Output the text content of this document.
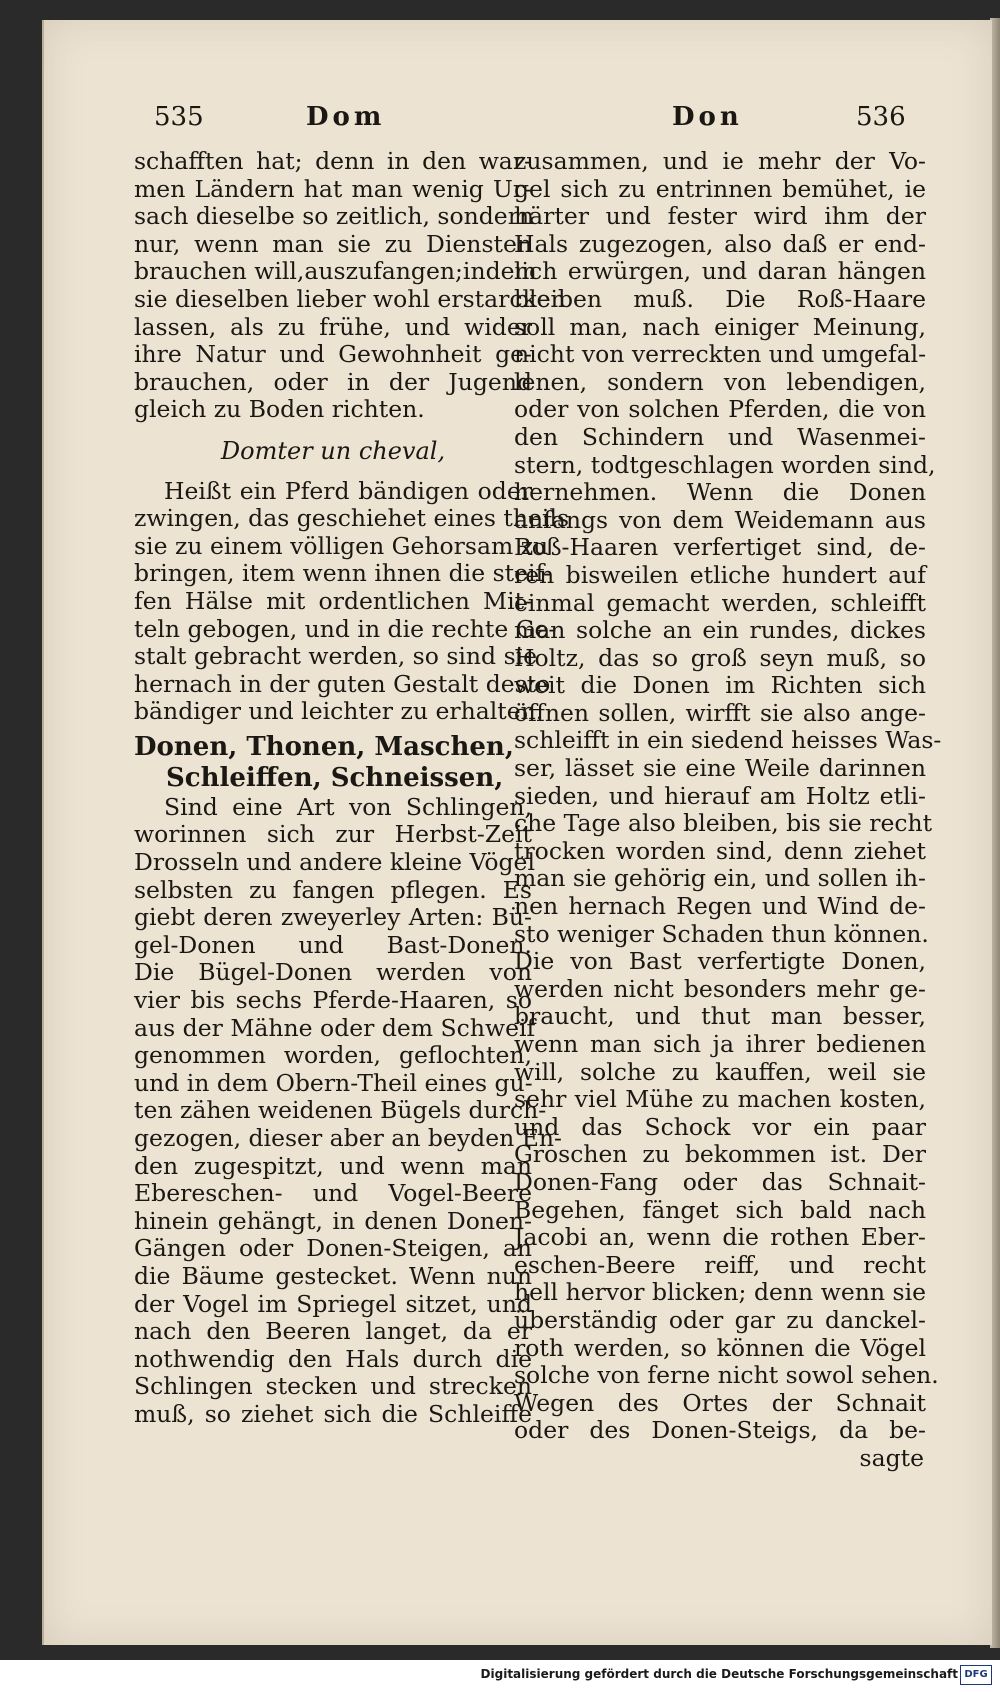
535	Dom	Don	536
schafften hat; denn in den war-
men Ländern hat man wenig Ur-
sach dieselbe so zeitlich, sondern
nur, wenn man sie zu Diensten
brauchen will,auszufangen;indem
sie dieselben lieber wohl erstarcken
lassen, als zu frühe, und wider
ihre Natur und Gewohnheit ge-
brauchen, oder in der Jugend
gleich zu Boden richten.
Domter un cheval,
Heißt ein Pferd bändigen oder
zwingen, das geschiehet eines theils
sie zu einem völligen Gehorsam zu
bringen, item wenn ihnen die steif-
fen Hälse mit ordentlichen Mit-
teln gebogen, und in die rechte Ge-
stalt gebracht werden, so sind sie
hernach in der guten Gestalt desto
bändiger und leichter zu erhalten.
Donen, Thonen, Maschen,
Schleiffen, Schneissen,
Sind eine Art von Schlingen,
worinnen sich zur Herbst-Zeit
Drosseln und andere kleine Vögel
selbsten zu fangen pflegen. Es
giebt deren zweyerley Arten: Bü-
gel-Donen und Bast-Donen.
Die Bügel-Donen werden von
vier bis sechs Pferde-Haaren, so
aus der Mähne oder dem Schweif
genommen worden, geflochten,
und in dem Obern-Theil eines gu-
ten zähen weidenen Bügels durch-
gezogen, dieser aber an beyden En-
den zugespitzt, und wenn man
Ebereschen- und Vogel-Beere
hinein gehängt, in denen Donen-
Gängen oder Donen-Steigen, an
die Bäume gestecket. Wenn nun
der Vogel im Spriegel sitzet, und
nach den Beeren langet, da er
nothwendig den Hals durch die
Schlingen stecken und strecken
muß, so ziehet sich die Schleiffe
zusammen, und ie mehr der Vo-
gel sich zu entrinnen bemühet, ie
härter und fester wird ihm der
Hals zugezogen, also daß er end-
lich erwürgen, und daran hängen
bleiben muß. Die Roß-Haare
soll man, nach einiger Meinung,
nicht von verreckten und umgefal-
lenen, sondern von lebendigen,
oder von solchen Pferden, die von
den Schindern und Wasenmei-
stern, todtgeschlagen worden sind,
hernehmen. Wenn die Donen
anfangs von dem Weidemann aus
Roß-Haaren verfertiget sind, de-
ren bisweilen etliche hundert auf
einmal gemacht werden, schleifft
man solche an ein rundes, dickes
Holtz, das so groß seyn muß, so
weit die Donen im Richten sich
öffnen sollen, wirfft sie also ange-
schleifft in ein siedend heisses Was-
ser, lässet sie eine Weile darinnen
sieden, und hierauf am Holtz etli-
che Tage also bleiben, bis sie recht
trocken worden sind, denn ziehet
man sie gehörig ein, und sollen ih-
nen hernach Regen und Wind de-
sto weniger Schaden thun können.
Die von Bast verfertigte Donen,
werden nicht besonders mehr ge-
braucht, und thut man besser,
wenn man sich ja ihrer bedienen
will, solche zu kauffen, weil sie
sehr viel Mühe zu machen kosten,
und das Schock vor ein paar
Groschen zu bekommen ist. Der
Donen-Fang oder das Schnait-
Begehen, fänget sich bald nach
Jacobi an, wenn die rothen Eber-
eschen-Beere reiff, und recht
hell hervor blicken; denn wenn sie
überständig oder gar zu danckel-
roth werden, so können die Vögel
solche von ferne nicht sowol sehen.
Wegen des Ortes der Schnait
oder des Donen-Steigs, da be-
sagte
Digitalisierung gefördert durch die Deutsche Forschungsgemeinschaft DFG
